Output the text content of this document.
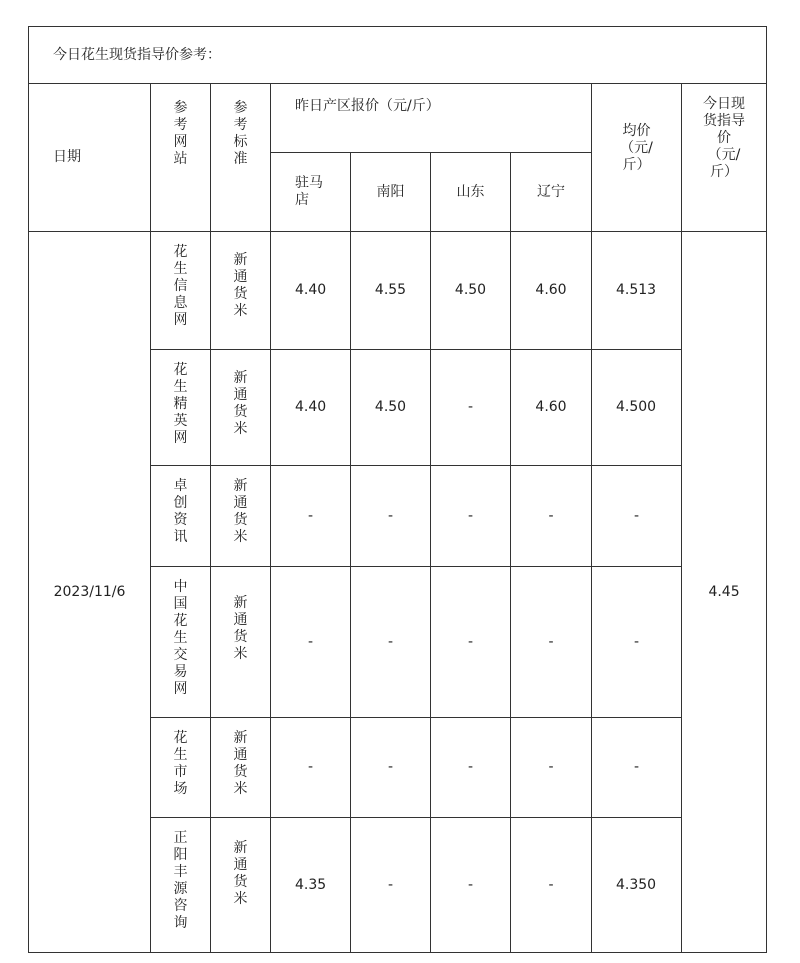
今日花生现货指导价参考：								
日期	参考网站	参考标准	昨日产区报价（元/斤）				均价（元/斤）	今日现货指导价 （元/斤）
			驻马店	南阳	山东	辽宁		
2023/11/6	花生信息网	新通货米	4.40	4.55	4.50	4.60	4.513	4.45
	花生精英网	新通货米	4.40	4.50	-	4.60	4.500	
	卓创资讯	新通货米	-	-	-	-	-	
	中国花生交易网	新通货米	-	-	-	-	-	
	花生市场	新通货米	-	-	-	-	-	
	正阳丰源咨询	新通货米	4.35	-	-	-	4.350	
